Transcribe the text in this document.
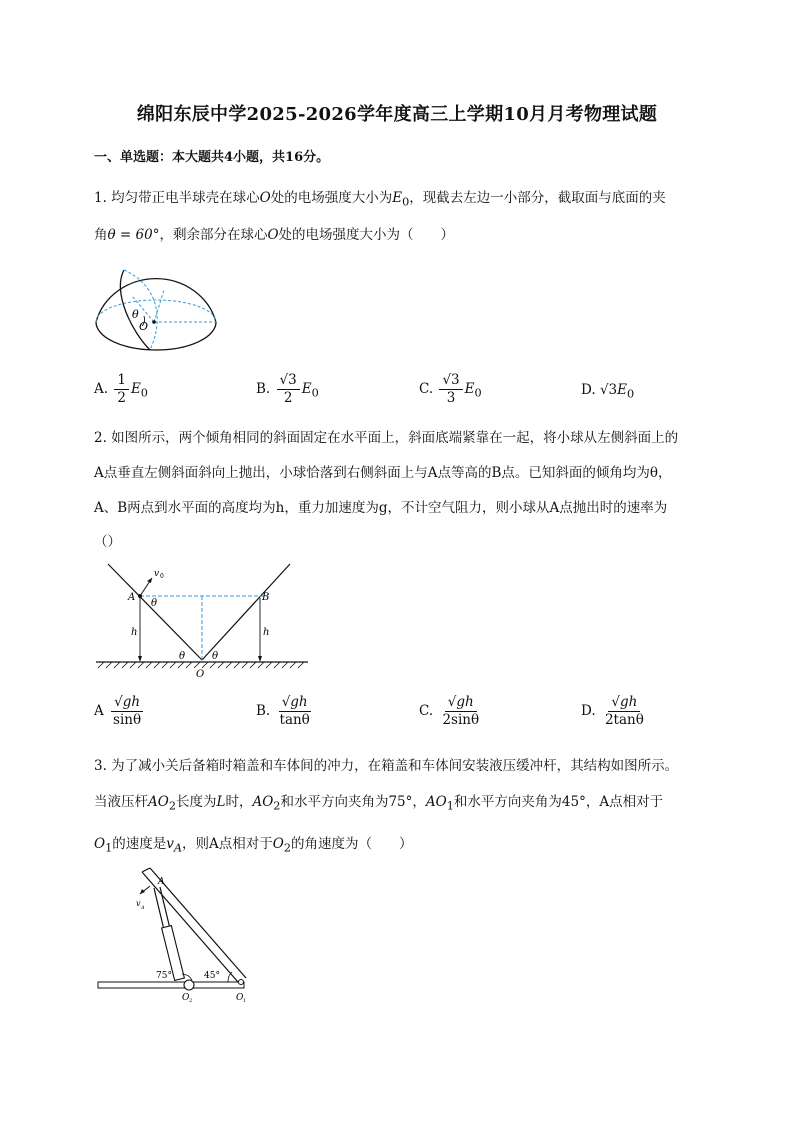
绵阳东辰中学2025-2026学年度高三上学期10月月考物理试题
一、单选题：本大题共4小题，共16分。
1. 均匀带正电半球壳在球心O处的电场强度大小为$E_0$，现截去左边一小部分，截取面与底面的夹
角θ = 60°，剩余部分在球心O处的电场强度大小为（　　）
θ
O
A. $\frac{1}{2} E_0$	B. $\frac{√3}{2} E_0$	C. $\frac{√3}{3} E_0$	D. $√3E_0$
2. 如图所示，两个倾角相同的斜面固定在水平面上，斜面底端紧靠在一起，将小球从左侧斜面上的
A点垂直左侧斜面斜向上抛出，小球恰落到右侧斜面上与A点等高的B点。已知斜面的倾角均为θ，
A、B两点到水平面的高度均为h，重力加速度为g，不计空气阻力，则小球从A点抛出时的速率为
（）
v 0
A
θ
B
h	h
θ	θ
O
A $\frac{√gh}{\sin\theta}$	B. $\frac{√gh}{\tan\theta}$	C. $\frac{√gh}{2\sin\theta}$	D. $\frac{√gh}{2\tan\theta}$
3. 为了减小关后备箱时箱盖和车体间的冲力，在箱盖和车体间安装液压缓冲杆，其结构如图所示。
当液压杆$AO_2$长度为L时，$AO_2$和水平方向夹角为75°，$AO_1$和水平方向夹角为45°，A点相对于
$O_1$的速度是$v_A$，则A点相对于$O_2$的角速度为（　　）
A
v A
75°	45°
O 2	O 1
